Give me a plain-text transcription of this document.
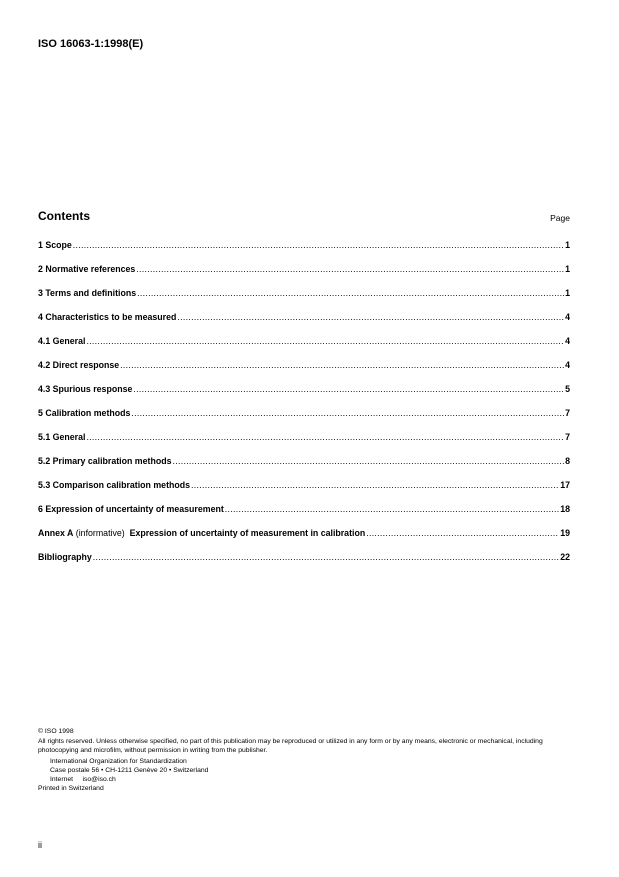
ISO 16063-1:1998(E)
Contents	Page
1 Scope .....	1
2 Normative references .....	1
3 Terms and definitions .....	1
4 Characteristics to be measured .....	4
4.1 General .....	4
4.2 Direct response .....	4
4.3 Spurious response .....	5
5 Calibration methods .....	7
5.1 General .....	7
5.2 Primary calibration methods .....	8
5.3 Comparison calibration methods .....	17
6 Expression of uncertainty of measurement .....	18
Annex A (informative)  Expression of uncertainty of measurement in calibration .....	19
Bibliography .....	22
© ISO 1998
All rights reserved. Unless otherwise specified, no part of this publication may be reproduced or utilized in any form or by any means, electronic or mechanical, including photocopying and microfilm, without permission in writing from the publisher.
International Organization for Standardization
Case postale 56 • CH-1211 Genève 20 • Switzerland
Internet     iso@iso.ch
Printed in Switzerland
ii
